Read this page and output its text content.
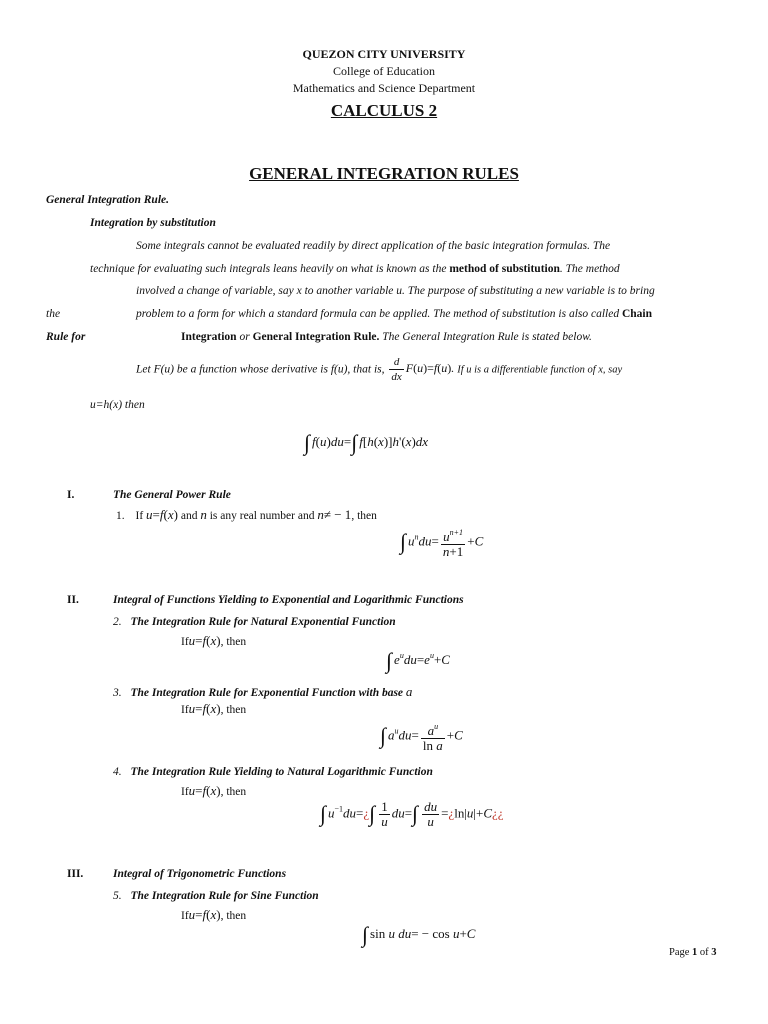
QUEZON CITY UNIVERSITY
College of Education
Mathematics and Science Department
CALCULUS 2
GENERAL INTEGRATION RULES
General Integration Rule.
Integration by substitution
Some integrals cannot be evaluated readily by direct application of the basic integration formulas. The
technique for evaluating such integrals leans heavily on what is known as the method of substitution. The method
involved a change of variable, say x to another variable u. The purpose of substituting a new variable is to bring
the	problem to a form for which a standard formula can be applied. The method of substitution is also called Chain
Rule for	Integration or General Integration Rule. The General Integration Rule is stated below.
Let F(u) be a function whose derivative is f(u), that is, $\frac{d}{dx} F(u)=f(u)$. If u is a differentiable function of x, say
u=h(x) then
∫ f(u)du=∫ f[h(x)]h'(x)dx
I.	The General Power Rule
1. If u=f(x) and n is any real number and n≠ − 1, then
∫ $u^ndu= \frac{u^{n+1}}{n+1} +C$
II.	Integral of Functions Yielding to Exponential and Logarithmic Functions
2. The Integration Rule for Natural Exponential Function
Ifu=f(x), then
∫ $e^udu=e^u+C$
3. The Integration Rule for Exponential Function with base a
Ifu=f(x), then
∫ $a^udu= \frac{a^u}{\text{ln a}} +C$
4. The Integration Rule Yielding to Natural Logarithmic Function
Ifu=f(x), then
∫ $u^{-1}du=¿\int \frac{1}{u} du=\int \frac{du}{u}$ =¿ln|u|+C¿¿
III.	Integral of Trigonometric Functions
5. The Integration Rule for Sine Function
Ifu=f(x), then
∫ sin u du= − cos u+C
Page 1 of 3
